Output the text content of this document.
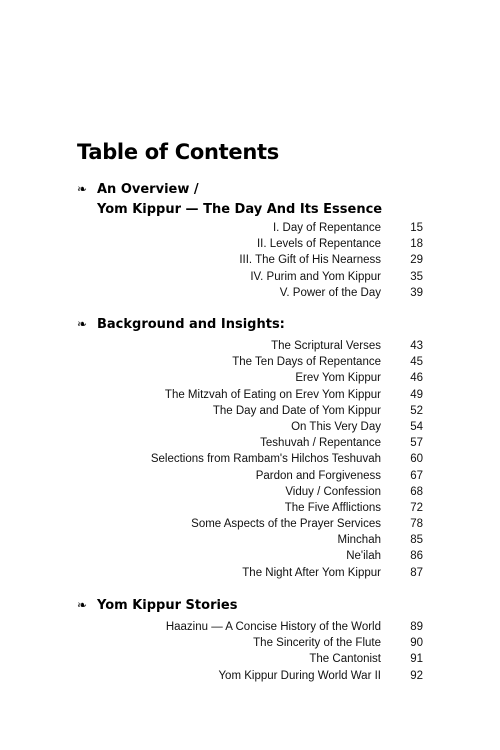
Table of Contents
❧ An Overview /
Yom Kippur — The Day And Its Essence
I. Day of Repentance	15
II. Levels of Repentance	18
III. The Gift of His Nearness	29
IV. Purim and Yom Kippur	35
V. Power of the Day	39
❧ Background and Insights:
The Scriptural Verses	43
The Ten Days of Repentance	45
Erev Yom Kippur	46
The Mitzvah of Eating on Erev Yom Kippur	49
The Day and Date of Yom Kippur	52
On This Very Day	54
Teshuvah / Repentance	57
Selections from Rambam's Hilchos Teshuvah	60
Pardon and Forgiveness	67
Viduy / Confession	68
The Five Afflictions	72
Some Aspects of the Prayer Services	78
Minchah	85
Ne'ilah	86
The Night After Yom Kippur	87
❧ Yom Kippur Stories
Haazinu — A Concise History of the World	89
The Sincerity of the Flute	90
The Cantonist	91
Yom Kippur During World War II	92
